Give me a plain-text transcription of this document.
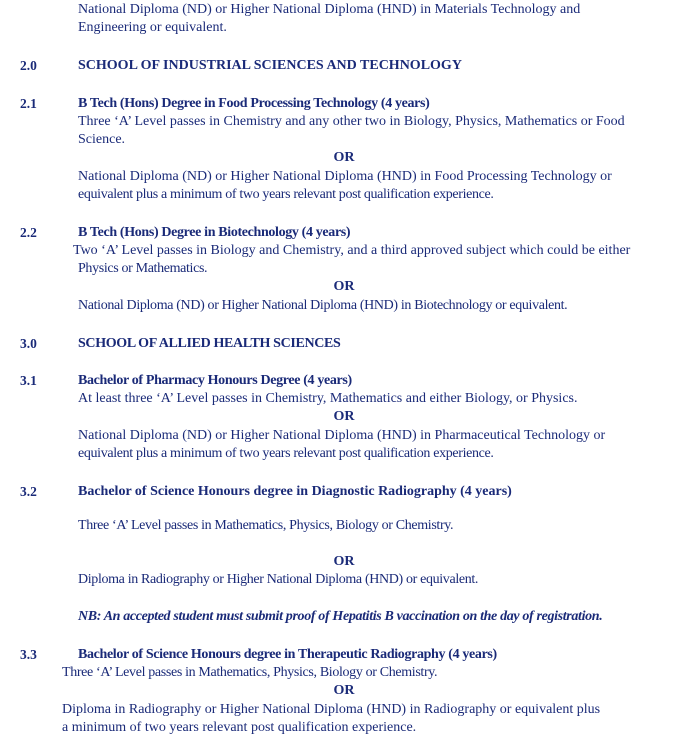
National Diploma (ND) or Higher National Diploma (HND) in Materials Technology and
Engineering or equivalent.
2.0	SCHOOL OF INDUSTRIAL SCIENCES AND TECHNOLOGY
2.1	B Tech (Hons) Degree in Food Processing Technology (4 years)
Three ‘A’ Level passes in Chemistry and any other two in Biology, Physics, Mathematics or Food
Science.
OR
National Diploma (ND) or Higher National Diploma (HND) in Food Processing Technology or
equivalent plus a minimum of two years relevant post qualification experience.
2.2	B Tech (Hons) Degree in Biotechnology (4 years)
Two ‘A’ Level passes in Biology and Chemistry, and a third approved subject which could be either
Physics or Mathematics.
OR
National Diploma (ND) or Higher National Diploma (HND) in Biotechnology or equivalent.
3.0	SCHOOL OF ALLIED HEALTH SCIENCES
3.1	Bachelor of Pharmacy Honours Degree (4 years)
At least three ‘A’ Level passes in Chemistry, Mathematics and either Biology, or Physics.
OR
National Diploma (ND) or Higher National Diploma (HND) in Pharmaceutical Technology or
equivalent plus a minimum of two years relevant post qualification experience.
3.2	Bachelor of Science Honours degree in Diagnostic Radiography (4 years)
Three ‘A’ Level passes in Mathematics, Physics, Biology or Chemistry.
OR
Diploma in Radiography or Higher National Diploma (HND) or equivalent.
NB: An accepted student must submit proof of Hepatitis B vaccination on the day of registration.
3.3	Bachelor of Science Honours degree in Therapeutic Radiography (4 years)
Three ‘A’ Level passes in Mathematics, Physics, Biology or Chemistry.
OR
Diploma in Radiography or Higher National Diploma (HND) in Radiography or equivalent plus
a minimum of two years relevant post qualification experience.
